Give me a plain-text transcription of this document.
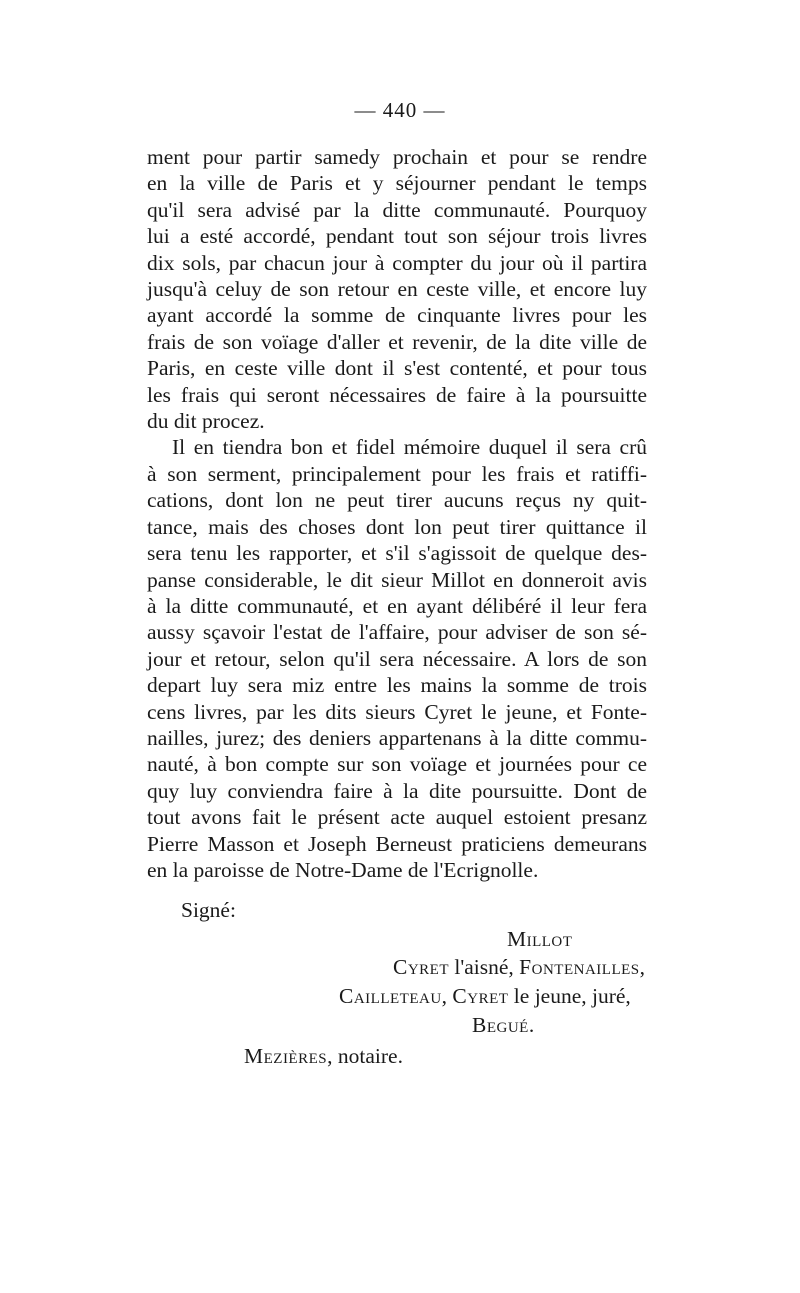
— 440 —
ment pour partir samedy prochain et pour se rendre
en la ville de Paris et y séjourner pendant le temps
qu'il sera advisé par la ditte communauté. Pourquoy
lui a esté accordé, pendant tout son séjour trois livres
dix sols, par chacun jour à compter du jour où il partira
jusqu'à celuy de son retour en ceste ville, et encore luy
ayant accordé la somme de cinquante livres pour les
frais de son voïage d'aller et revenir, de la dite ville de
Paris, en ceste ville dont il s'est contenté, et pour tous
les frais qui seront nécessaires de faire à la poursuitte
du dit procez.
Il en tiendra bon et fidel mémoire duquel il sera crû
à son serment, principalement pour les frais et ratiffi-
cations, dont lon ne peut tirer aucuns reçus ny quit-
tance, mais des choses dont lon peut tirer quittance il
sera tenu les rapporter, et s'il s'agissoit de quelque des-
panse considerable, le dit sieur Millot en donneroit avis
à la ditte communauté, et en ayant délibéré il leur fera
aussy sçavoir l'estat de l'affaire, pour adviser de son sé-
jour et retour, selon qu'il sera nécessaire. A lors de son
depart luy sera miz entre les mains la somme de trois
cens livres, par les dits sieurs Cyret le jeune, et Fonte-
nailles, jurez; des deniers appartenans à la ditte commu-
nauté, à bon compte sur son voïage et journées pour ce
quy luy conviendra faire à la dite poursuitte. Dont de
tout avons fait le présent acte auquel estoient presanz
Pierre Masson et Joseph Berneust praticiens demeurans
en la paroisse de Notre-Dame de l'Ecrignolle.
Signé:
Millot
Cyret l'aisné, Fontenailles,
Cailleteau, Cyret le jeune, juré,
Begué.
Mezières, notaire.
